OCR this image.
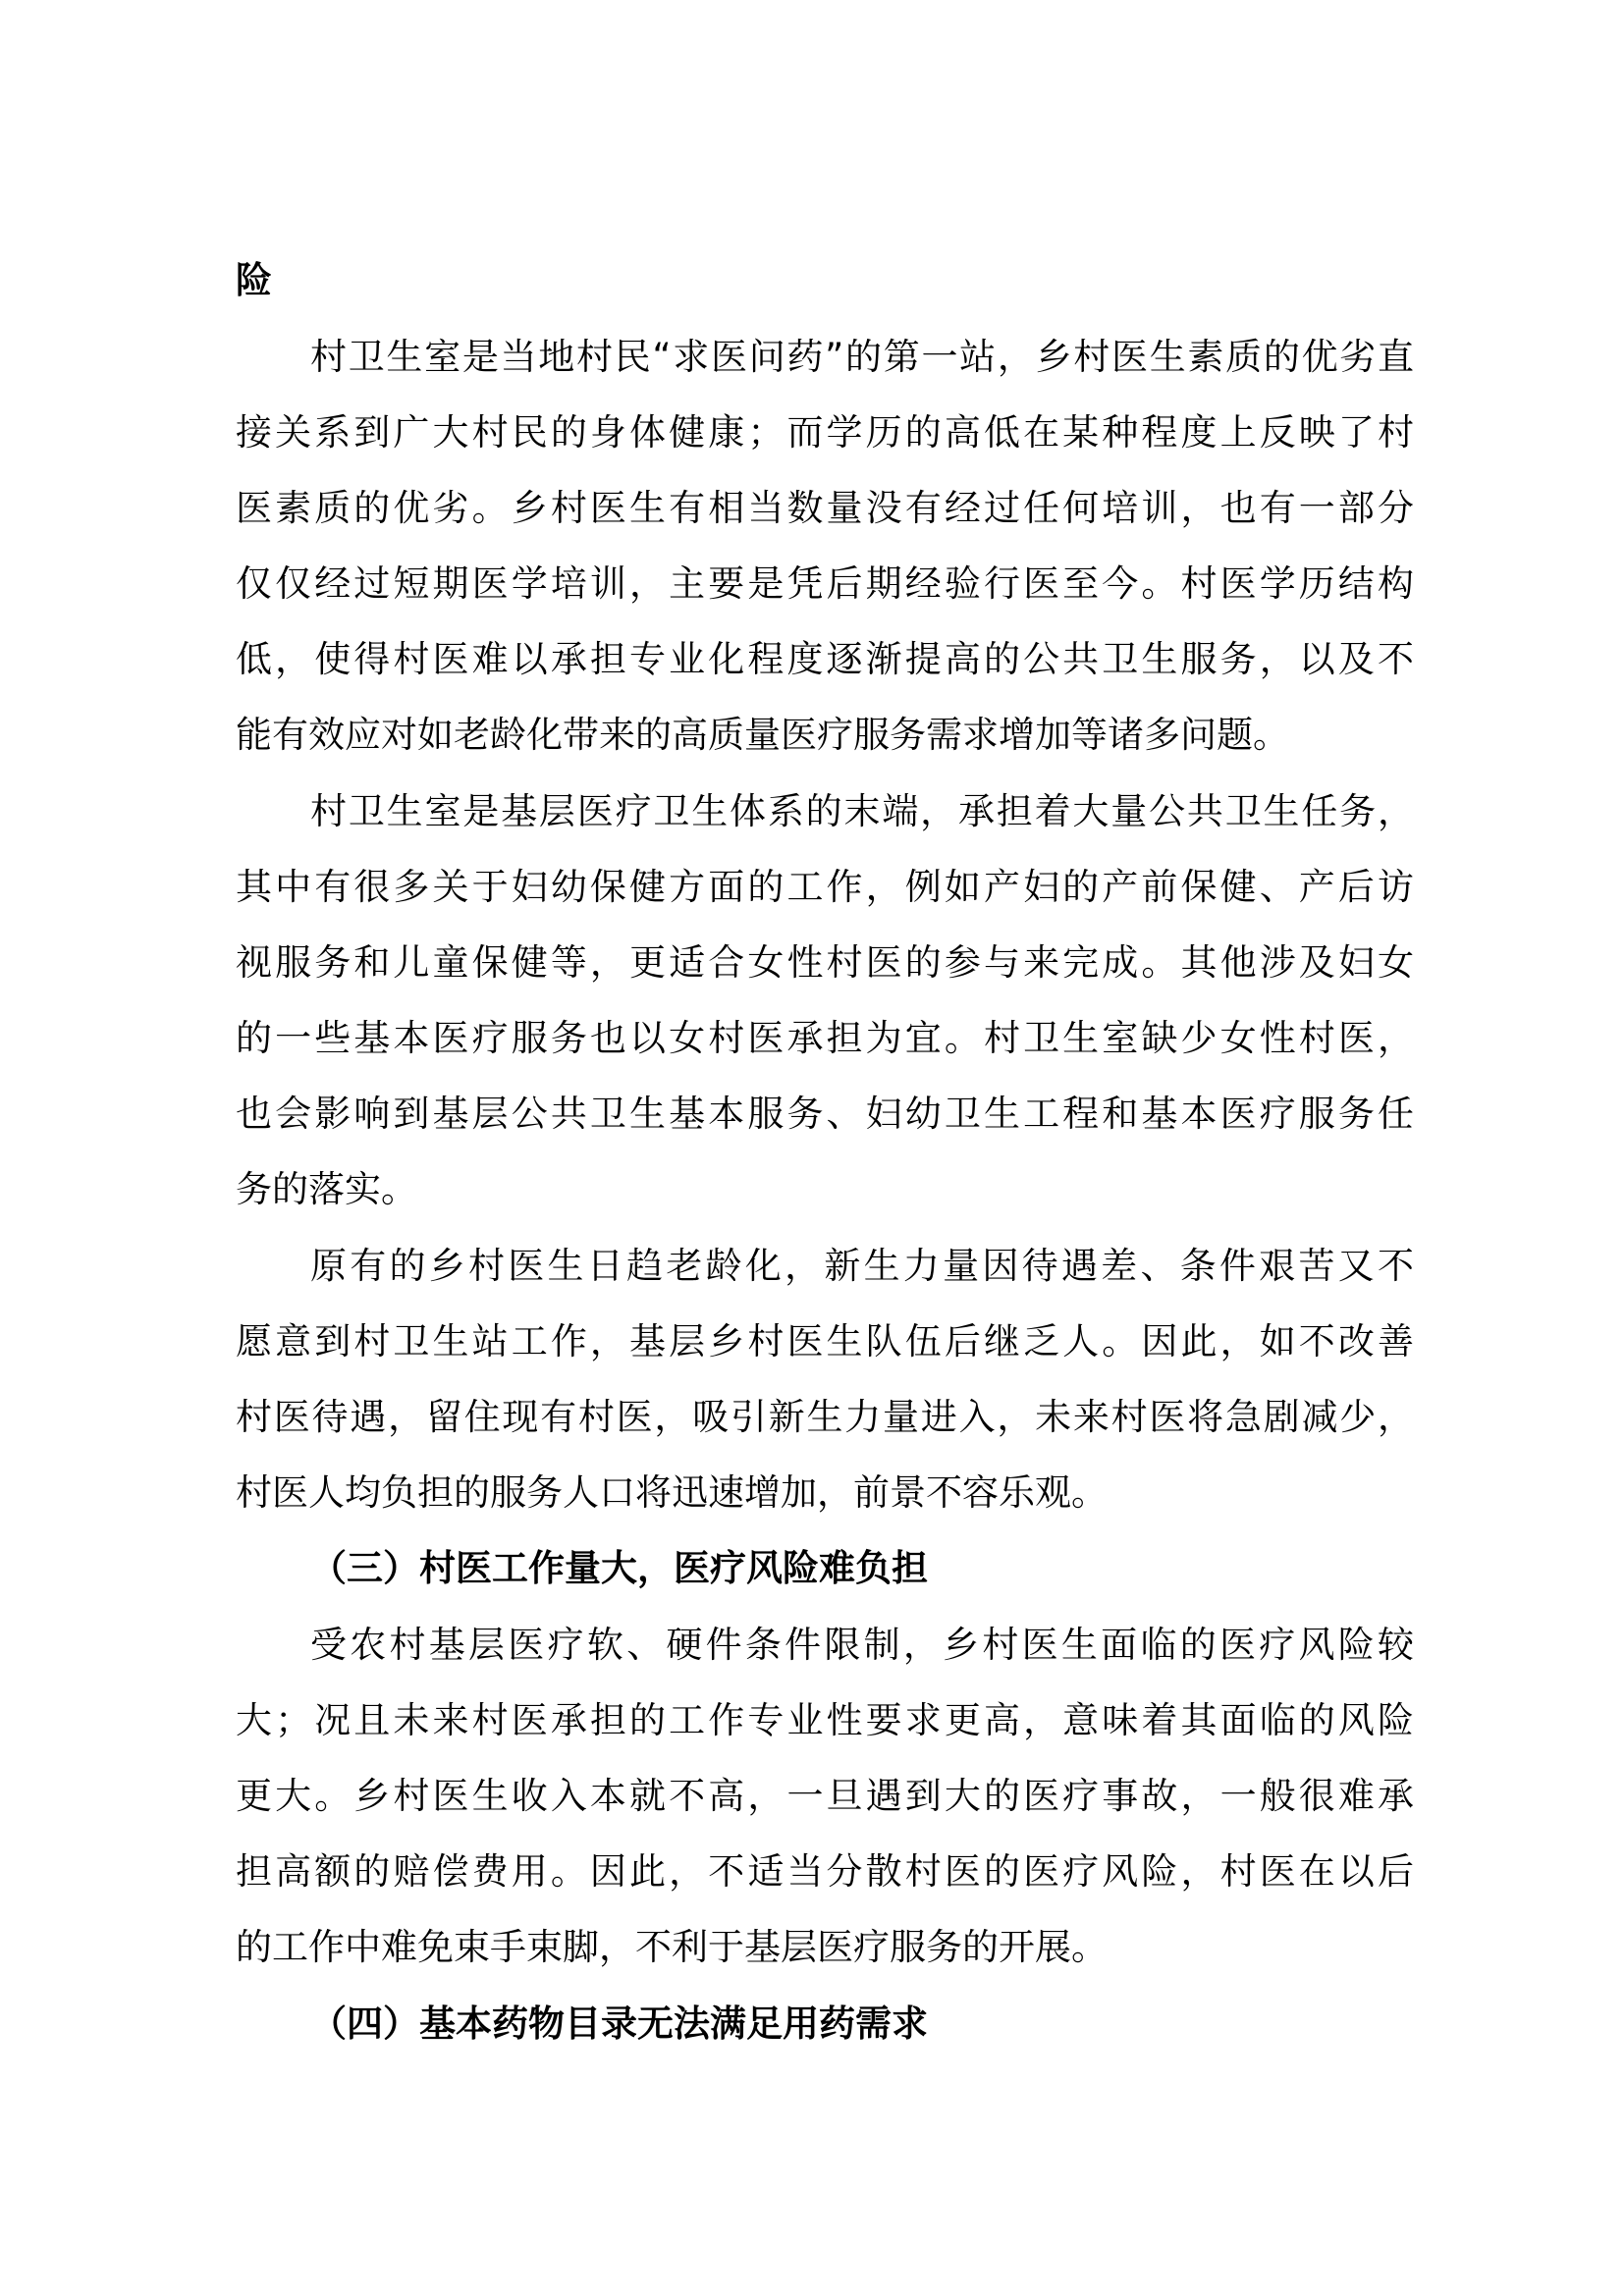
险
村卫生室是当地村民“求医问药”的第一站，乡村医生素质的优劣直
接关系到广大村民的身体健康；而学历的高低在某种程度上反映了村
医素质的优劣。乡村医生有相当数量没有经过任何培训，也有一部分
仅仅经过短期医学培训，主要是凭后期经验行医至今。村医学历结构
低，使得村医难以承担专业化程度逐渐提高的公共卫生服务，以及不
能有效应对如老龄化带来的高质量医疗服务需求增加等诸多问题。
村卫生室是基层医疗卫生体系的末端，承担着大量公共卫生任务，
其中有很多关于妇幼保健方面的工作，例如产妇的产前保健、产后访
视服务和儿童保健等，更适合女性村医的参与来完成。其他涉及妇女
的一些基本医疗服务也以女村医承担为宜。村卫生室缺少女性村医，
也会影响到基层公共卫生基本服务、妇幼卫生工程和基本医疗服务任
务的落实。
原有的乡村医生日趋老龄化，新生力量因待遇差、条件艰苦又不
愿意到村卫生站工作，基层乡村医生队伍后继乏人。因此，如不改善
村医待遇，留住现有村医，吸引新生力量进入，未来村医将急剧减少，
村医人均负担的服务人口将迅速增加，前景不容乐观。
（三）村医工作量大，医疗风险难负担
受农村基层医疗软、硬件条件限制，乡村医生面临的医疗风险较
大；况且未来村医承担的工作专业性要求更高，意味着其面临的风险
更大。乡村医生收入本就不高，一旦遇到大的医疗事故，一般很难承
担高额的赔偿费用。因此，不适当分散村医的医疗风险，村医在以后
的工作中难免束手束脚，不利于基层医疗服务的开展。
（四）基本药物目录无法满足用药需求
